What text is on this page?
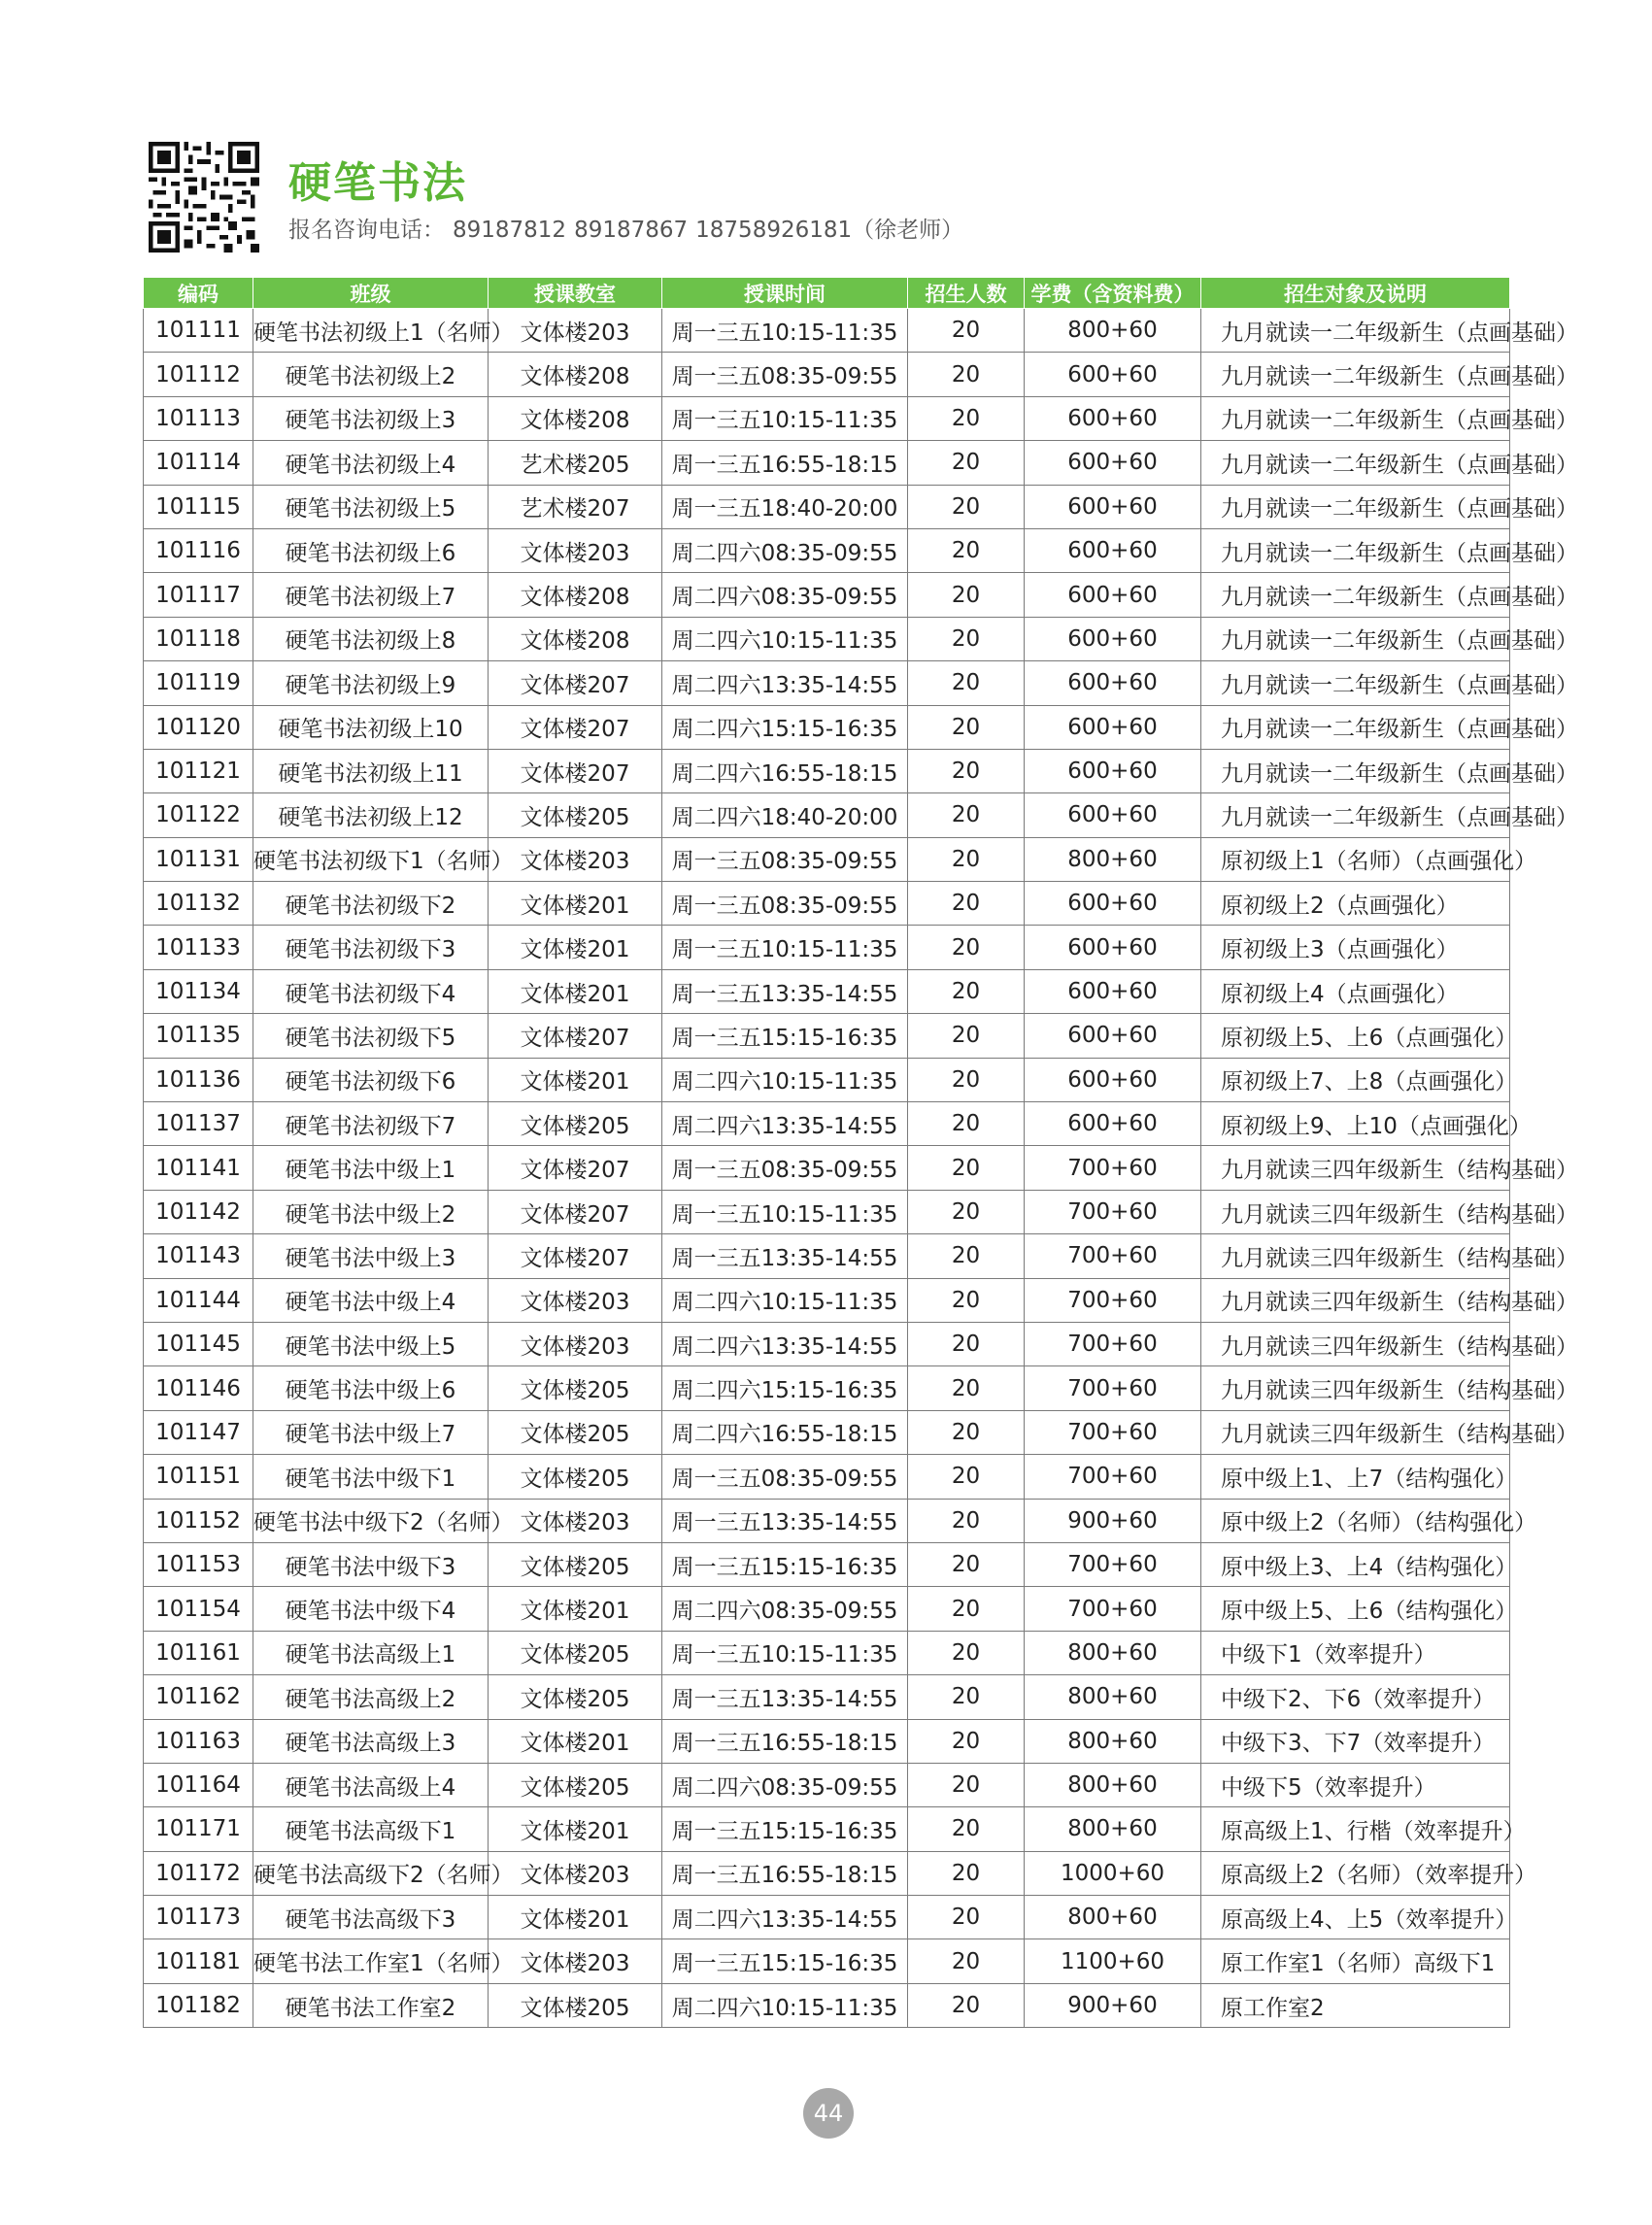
硬笔书法
报名咨询电话： 89187812 89187867 18758926181（徐老师）
编码	班级	授课教室	授课时间	招生人数	学费（含资料费）	招生对象及说明
101111	硬笔书法初级上1（名师）	文体楼203	周一三五10:15-11:35	20	800+60	九月就读一二年级新生（点画基础）
101112	硬笔书法初级上2	文体楼208	周一三五08:35-09:55	20	600+60	九月就读一二年级新生（点画基础）
101113	硬笔书法初级上3	文体楼208	周一三五10:15-11:35	20	600+60	九月就读一二年级新生（点画基础）
101114	硬笔书法初级上4	艺术楼205	周一三五16:55-18:15	20	600+60	九月就读一二年级新生（点画基础）
101115	硬笔书法初级上5	艺术楼207	周一三五18:40-20:00	20	600+60	九月就读一二年级新生（点画基础）
101116	硬笔书法初级上6	文体楼203	周二四六08:35-09:55	20	600+60	九月就读一二年级新生（点画基础）
101117	硬笔书法初级上7	文体楼208	周二四六08:35-09:55	20	600+60	九月就读一二年级新生（点画基础）
101118	硬笔书法初级上8	文体楼208	周二四六10:15-11:35	20	600+60	九月就读一二年级新生（点画基础）
101119	硬笔书法初级上9	文体楼207	周二四六13:35-14:55	20	600+60	九月就读一二年级新生（点画基础）
101120	硬笔书法初级上10	文体楼207	周二四六15:15-16:35	20	600+60	九月就读一二年级新生（点画基础）
101121	硬笔书法初级上11	文体楼207	周二四六16:55-18:15	20	600+60	九月就读一二年级新生（点画基础）
101122	硬笔书法初级上12	文体楼205	周二四六18:40-20:00	20	600+60	九月就读一二年级新生（点画基础）
101131	硬笔书法初级下1（名师）	文体楼203	周一三五08:35-09:55	20	800+60	原初级上1（名师）（点画强化）
101132	硬笔书法初级下2	文体楼201	周一三五08:35-09:55	20	600+60	原初级上2（点画强化）
101133	硬笔书法初级下3	文体楼201	周一三五10:15-11:35	20	600+60	原初级上3（点画强化）
101134	硬笔书法初级下4	文体楼201	周一三五13:35-14:55	20	600+60	原初级上4（点画强化）
101135	硬笔书法初级下5	文体楼207	周一三五15:15-16:35	20	600+60	原初级上5、上6（点画强化）
101136	硬笔书法初级下6	文体楼201	周二四六10:15-11:35	20	600+60	原初级上7、上8（点画强化）
101137	硬笔书法初级下7	文体楼205	周二四六13:35-14:55	20	600+60	原初级上9、上10（点画强化）
101141	硬笔书法中级上1	文体楼207	周一三五08:35-09:55	20	700+60	九月就读三四年级新生（结构基础）
101142	硬笔书法中级上2	文体楼207	周一三五10:15-11:35	20	700+60	九月就读三四年级新生（结构基础）
101143	硬笔书法中级上3	文体楼207	周一三五13:35-14:55	20	700+60	九月就读三四年级新生（结构基础）
101144	硬笔书法中级上4	文体楼203	周二四六10:15-11:35	20	700+60	九月就读三四年级新生（结构基础）
101145	硬笔书法中级上5	文体楼203	周二四六13:35-14:55	20	700+60	九月就读三四年级新生（结构基础）
101146	硬笔书法中级上6	文体楼205	周二四六15:15-16:35	20	700+60	九月就读三四年级新生（结构基础）
101147	硬笔书法中级上7	文体楼205	周二四六16:55-18:15	20	700+60	九月就读三四年级新生（结构基础）
101151	硬笔书法中级下1	文体楼205	周一三五08:35-09:55	20	700+60	原中级上1、上7（结构强化）
101152	硬笔书法中级下2（名师）	文体楼203	周一三五13:35-14:55	20	900+60	原中级上2（名师）（结构强化）
101153	硬笔书法中级下3	文体楼205	周一三五15:15-16:35	20	700+60	原中级上3、上4（结构强化）
101154	硬笔书法中级下4	文体楼201	周二四六08:35-09:55	20	700+60	原中级上5、上6（结构强化）
101161	硬笔书法高级上1	文体楼205	周一三五10:15-11:35	20	800+60	中级下1（效率提升）
101162	硬笔书法高级上2	文体楼205	周一三五13:35-14:55	20	800+60	中级下2、下6（效率提升）
101163	硬笔书法高级上3	文体楼201	周一三五16:55-18:15	20	800+60	中级下3、下7（效率提升）
101164	硬笔书法高级上4	文体楼205	周二四六08:35-09:55	20	800+60	中级下5（效率提升）
101171	硬笔书法高级下1	文体楼201	周一三五15:15-16:35	20	800+60	原高级上1、行楷（效率提升）
101172	硬笔书法高级下2（名师）	文体楼203	周一三五16:55-18:15	20	1000+60	原高级上2（名师）（效率提升）
101173	硬笔书法高级下3	文体楼201	周二四六13:35-14:55	20	800+60	原高级上4、上5（效率提升）
101181	硬笔书法工作室1（名师）	文体楼203	周一三五15:15-16:35	20	1100+60	原工作室1（名师）高级下1
101182	硬笔书法工作室2	文体楼205	周二四六10:15-11:35	20	900+60	原工作室2
44
